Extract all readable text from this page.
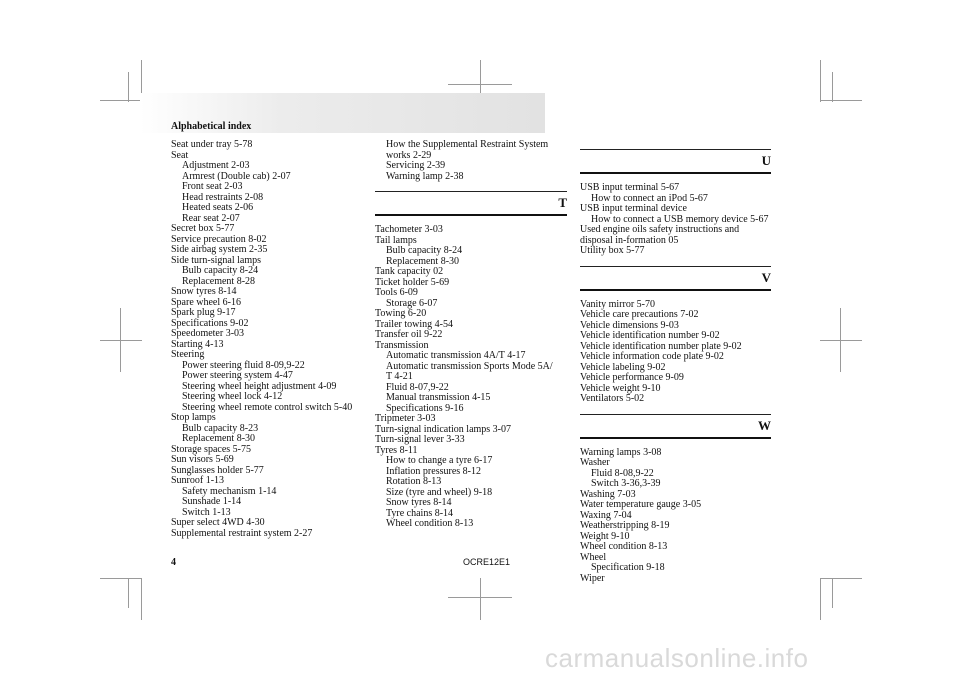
Alphabetical index
Seat under tray 5-78
Seat
Adjustment 2-03
Armrest (Double cab) 2-07
Front seat 2-03
Head restraints 2-08
Heated seats 2-06
Rear seat 2-07
Secret box 5-77
Service precaution 8-02
Side airbag system 2-35
Side turn-signal lamps
Bulb capacity 8-24
Replacement 8-28
Snow tyres 8-14
Spare wheel 6-16
Spark plug 9-17
Specifications 9-02
Speedometer 3-03
Starting 4-13
Steering
Power steering fluid 8-09,9-22
Power steering system 4-47
Steering wheel height adjustment 4-09
Steering wheel lock 4-12
Steering wheel remote control switch 5-40
Stop lamps
Bulb capacity 8-23
Replacement 8-30
Storage spaces 5-75
Sun visors 5-69
Sunglasses holder 5-77
Sunroof 1-13
Safety mechanism 1-14
Sunshade 1-14
Switch 1-13
Super select 4WD 4-30
Supplemental restraint system 2-27
How the Supplemental Restraint System works 2-29
Servicing 2-39
Warning lamp 2-38
T
Tachometer 3-03
Tail lamps
Bulb capacity 8-24
Replacement 8-30
Tank capacity 02
Ticket holder 5-69
Tools 6-09
Storage 6-07
Towing 6-20
Trailer towing 4-54
Transfer oil 9-22
Transmission
Automatic transmission 4A/T 4-17
Automatic transmission Sports Mode 5A/
T 4-21
Fluid 8-07,9-22
Manual transmission 4-15
Specifications 9-16
Tripmeter 3-03
Turn-signal indication lamps 3-07
Turn-signal lever 3-33
Tyres 8-11
How to change a tyre 6-17
Inflation pressures 8-12
Rotation 8-13
Size (tyre and wheel) 9-18
Snow tyres 8-14
Tyre chains 8-14
Wheel condition 8-13
U
USB input terminal 5-67
How to connect an iPod 5-67
USB input terminal device
How to connect a USB memory device 5-67
Used engine oils safety instructions and disposal in-formation 05
Utility box 5-77
V
Vanity mirror 5-70
Vehicle care precautions 7-02
Vehicle dimensions 9-03
Vehicle identification number 9-02
Vehicle identification number plate 9-02
Vehicle information code plate 9-02
Vehicle labeling 9-02
Vehicle performance 9-09
Vehicle weight 9-10
Ventilators 5-02
W
Warning lamps 3-08
Washer
Fluid 8-08,9-22
Switch 3-36,3-39
Washing 7-03
Water temperature gauge 3-05
Waxing 7-04
Weatherstripping 8-19
Weight 9-10
Wheel condition 8-13
Wheel
Specification 9-18
Wiper
4	OCRE12E1
carmanualsonline.info
